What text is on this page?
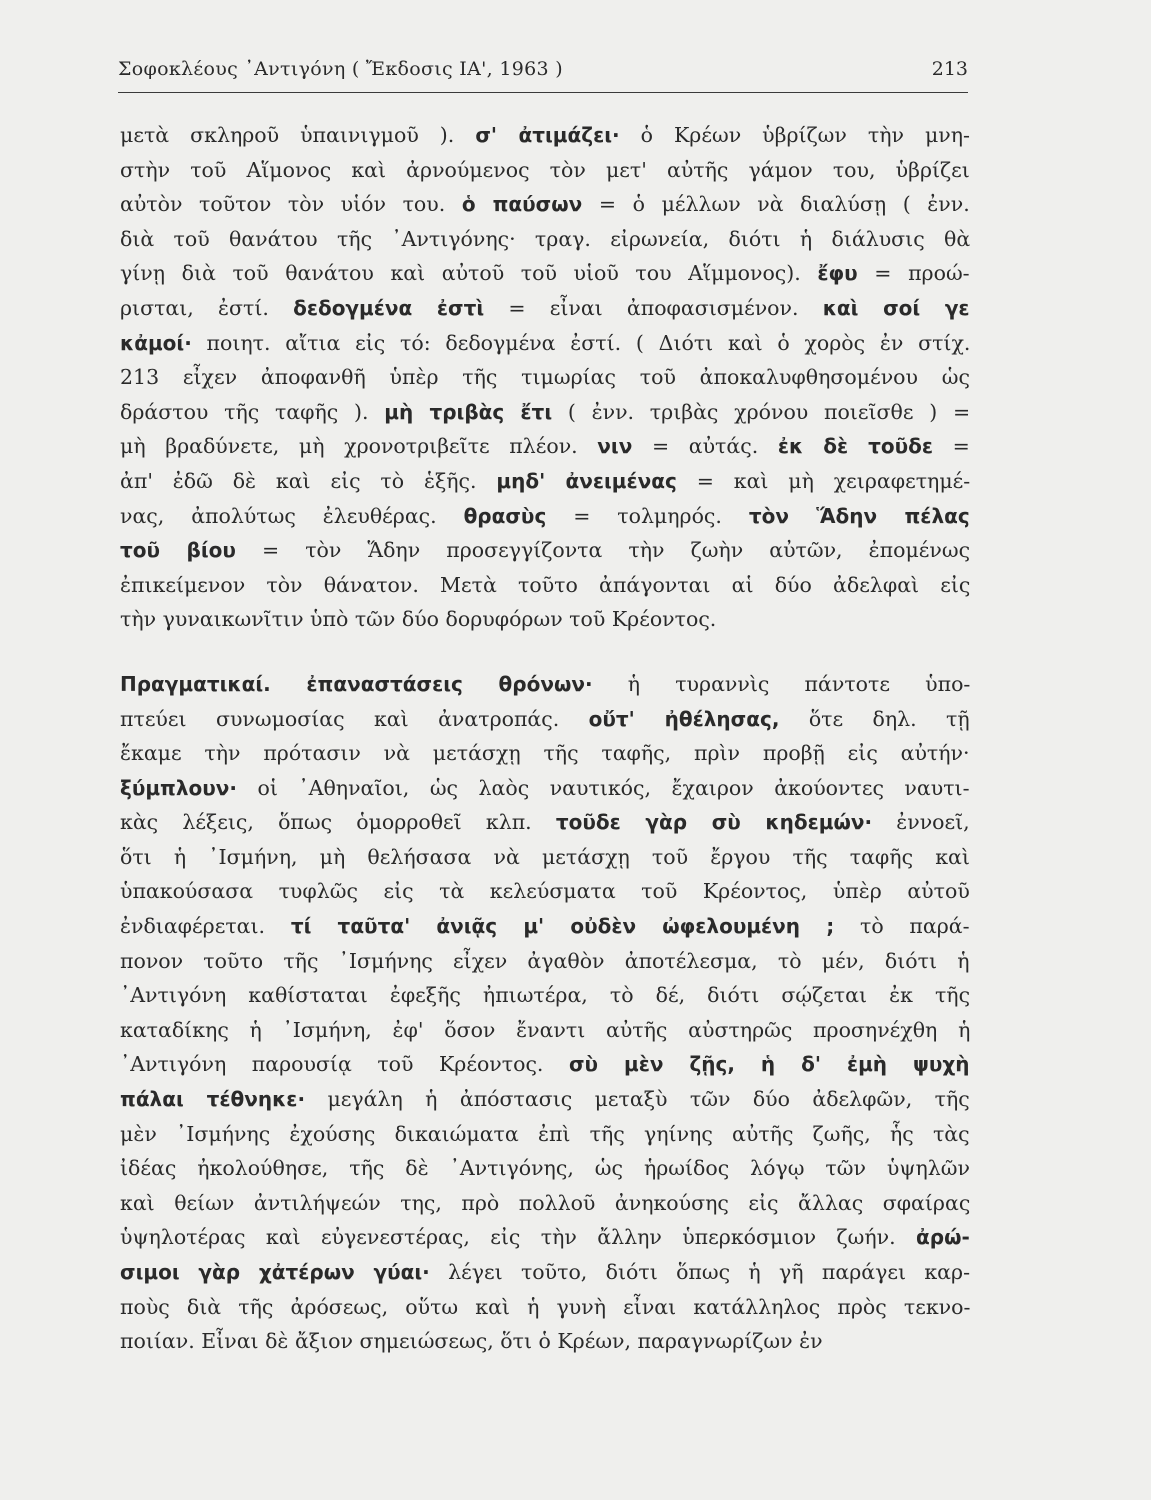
Σοφοκλέους ᾽Αντιγόνη ( Ἔκδοσις ΙΑ', 1963 )	213
μετὰ σκληροῦ ὑπαινιγμοῦ ). σ' ἀτιμάζει· ὁ Κρέων ὑβρίζων τὴν μνη-
στὴν τοῦ Αἵμονος καὶ ἀρνούμενος τὸν μετ' αὐτῆς γάμον του, ὑβρίζει
αὐτὸν τοῦτον τὸν υἱόν του. ὁ παύσων = ὁ μέλλων νὰ διαλύσῃ ( ἐνν.
διὰ τοῦ θανάτου τῆς ᾽Αντιγόνης· τραγ. εἰρωνεία, διότι ἡ διάλυσις θὰ
γίνῃ διὰ τοῦ θανάτου καὶ αὐτοῦ τοῦ υἱοῦ του Αἵμμονος). ἔφυ = προώ-
ρισται, ἐστί. δεδογμένα ἐστὶ = εἶναι ἀποφασισμένον. καὶ σοί γε
κἀμοί· ποιητ. αἴτια εἰς τό: δεδογμένα ἐστί. ( Διότι καὶ ὁ χορὸς ἐν στίχ.
213 εἶχεν ἀποφανθῆ ὑπὲρ τῆς τιμωρίας τοῦ ἀποκαλυφθησομένου ὡς
δράστου τῆς ταφῆς ). μὴ τριβὰς ἔτι ( ἐνν. τριβὰς χρόνου ποιεῖσθε ) =
μὴ βραδύνετε, μὴ χρονοτριβεῖτε πλέον. νιν = αὐτάς. ἐκ δὲ τοῦδε =
ἀπ' ἐδῶ δὲ καὶ εἰς τὸ ἑξῆς. μηδ' ἀνειμένας = καὶ μὴ χειραφετημέ-
νας, ἀπολύτως ἐλευθέρας. θρασὺς = τολμηρός. τὸν Ἅδην πέλας
τοῦ βίου = τὸν Ἅδην προσεγγίζοντα τὴν ζωὴν αὐτῶν, ἐπομένως
ἐπικείμενον τὸν θάνατον. Μετὰ τοῦτο ἀπάγονται αἱ δύο ἀδελφαὶ εἰς
τὴν γυναικωνῖτιν ὑπὸ τῶν δύο δορυφόρων τοῦ Κρέοντος.
Πραγματικαί. ἐπαναστάσεις θρόνων· ἡ τυραννὶς πάντοτε ὑπο-
πτεύει συνωμοσίας καὶ ἀνατροπάς. οὔτ' ἠθέλησας, ὅτε δηλ. τῇ
ἔκαμε τὴν πρότασιν νὰ μετάσχῃ τῆς ταφῆς, πρὶν προβῇ εἰς αὐτήν·
ξύμπλουν· οἱ ᾽Αθηναῖοι, ὡς λαὸς ναυτικός, ἔχαιρον ἀκούοντες ναυτι-
κὰς λέξεις, ὅπως ὁμορροθεῖ κλπ. τοῦδε γὰρ σὺ κηδεμών· ἐννοεῖ,
ὅτι ἡ ᾽Ισμήνη, μὴ θελήσασα νὰ μετάσχῃ τοῦ ἔργου τῆς ταφῆς καὶ
ὑπακούσασα τυφλῶς εἰς τὰ κελεύσματα τοῦ Κρέοντος, ὑπὲρ αὐτοῦ
ἐνδιαφέρεται. τί ταῦτα' ἀνιᾷς μ' οὐδὲν ὠφελουμένη ; τὸ παρά-
πονον τοῦτο τῆς ᾽Ισμήνης εἶχεν ἀγαθὸν ἀποτέλεσμα, τὸ μέν, διότι ἡ
᾽Αντιγόνη καθίσταται ἐφεξῆς ἠπιωτέρα, τὸ δέ, διότι σῴζεται ἐκ τῆς
καταδίκης ἡ ᾽Ισμήνη, ἐφ' ὅσον ἔναντι αὐτῆς αὐστηρῶς προσηνέχθη ἡ
᾽Αντιγόνη παρουσίᾳ τοῦ Κρέοντος. σὺ μὲν ζῇς, ἡ δ' ἐμὴ ψυχὴ
πάλαι τέθνηκε· μεγάλη ἡ ἀπόστασις μεταξὺ τῶν δύο ἀδελφῶν, τῆς
μὲν ᾽Ισμήνης ἐχούσης δικαιώματα ἐπὶ τῆς γηίνης αὐτῆς ζωῆς, ἧς τὰς
ἰδέας ἠκολούθησε, τῆς δὲ ᾽Αντιγόνης, ὡς ἡρωίδος λόγῳ τῶν ὑψηλῶν
καὶ θείων ἀντιλήψεών της, πρὸ πολλοῦ ἀνηκούσης εἰς ἄλλας σφαίρας
ὑψηλοτέρας καὶ εὐγενεστέρας, εἰς τὴν ἄλλην ὑπερκόσμιον ζωήν. ἀρώ-
σιμοι γὰρ χἀτέρων γύαι· λέγει τοῦτο, διότι ὅπως ἡ γῆ παράγει καρ-
ποὺς διὰ τῆς ἀρόσεως, οὕτω καὶ ἡ γυνὴ εἶναι κατάλληλος πρὸς τεκνο-
ποιίαν. Εἶναι δὲ ἄξιον σημειώσεως, ὅτι ὁ Κρέων, παραγνωρίζων ἐν
